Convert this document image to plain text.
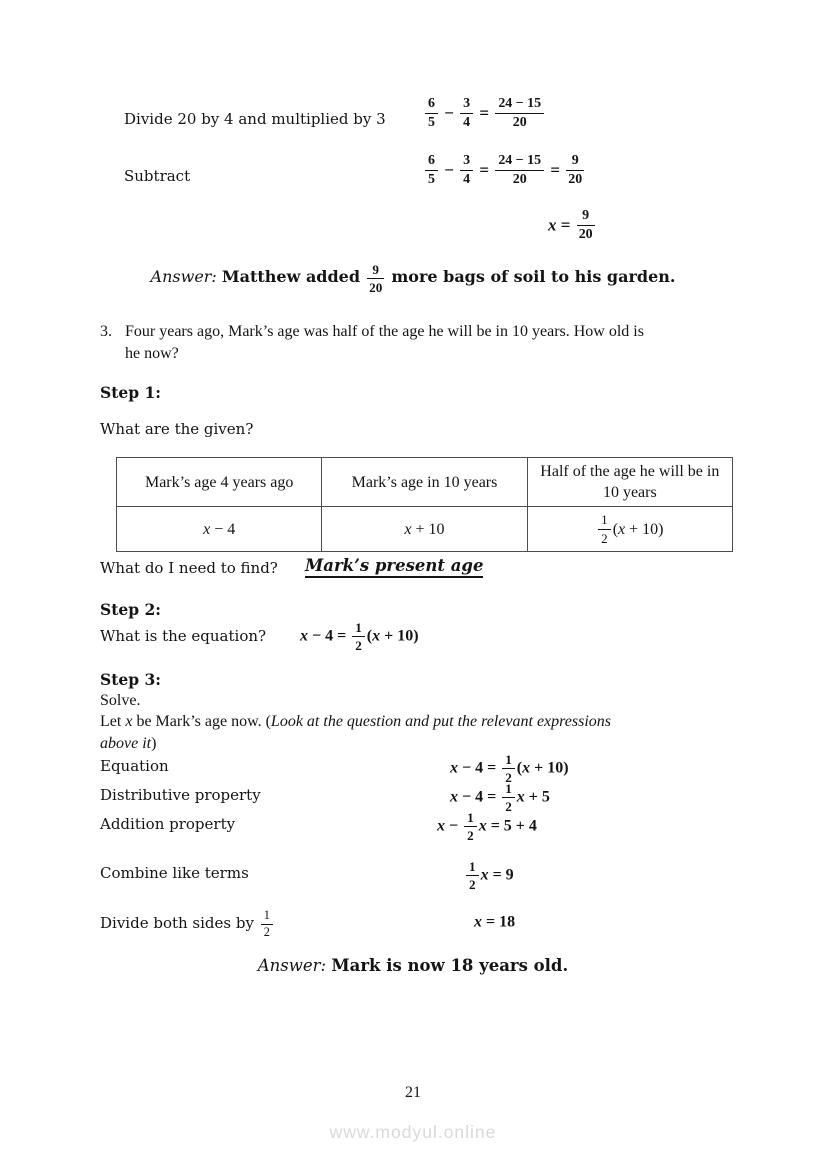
Divide 20 by 4 and multiplied by 3	$\frac{6}{5} - \frac{3}{4} = \frac{24 - 15}{20}$
Subtract	$\frac{6}{5} - \frac{3}{4} = \frac{24 - 15}{20} = \frac{9}{20}$
$x = \frac{9}{20}$
Answer: Matthew added $\frac{9}{20}$ more bags of soil to his garden.
3. Four years ago, Mark’s age was half of the age he will be in 10 years. How old is
he now?
Step 1:
What are the given?
Mark’s age 4 years ago	Mark’s age in 10 years	Half of the age he will be in 10 years
x − 4	x + 10	$\frac{1}{2} (x + 10)$
What do I need to find? Mark’s present age
Step 2:
What is the equation? $x - 4 = \frac{1}{2} (x + 10)$
Step 3:
Solve.
Let x be Mark’s age now. (Look at the question and put the relevant expressions
above it)
Equation	$x - 4 = \frac{1}{2} (x + 10)$
Distributive property	$x - 4 = \frac{1}{2}$ x + 5
Addition property	$x - \frac{1}{2}$ x = 5 + 4
Combine like terms	$\frac{1}{2}$ x = 9
Divide both sides by $\frac{1}{2}$	x = 18
Answer: Mark is now 18 years old.
21
www.modyul.online
